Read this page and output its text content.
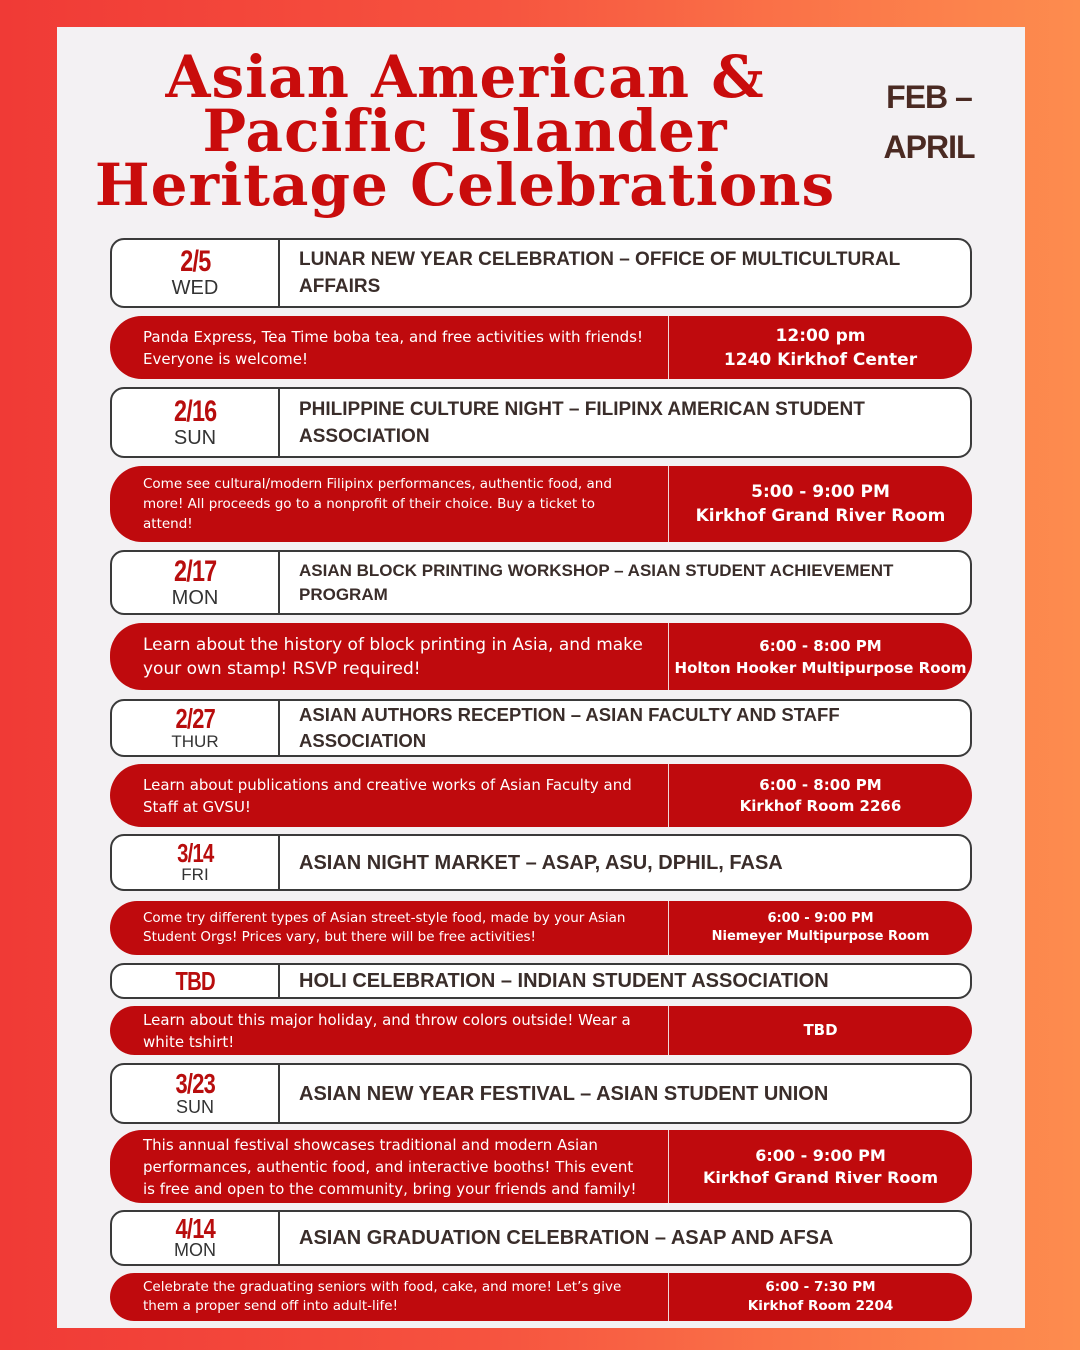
Asian American &
Pacific Islander
Heritage Celebrations
FEB –
APRIL
2/5
WED
LUNAR NEW YEAR CELEBRATION – OFFICE OF MULTICULTURAL AFFAIRS
Panda Express, Tea Time boba tea, and free activities with friends! Everyone is welcome!
12:00 pm
1240 Kirkhof Center
2/16
SUN
PHILIPPINE CULTURE NIGHT – FILIPINX AMERICAN STUDENT ASSOCIATION
Come see cultural/modern Filipinx performances, authentic food, and more! All proceeds go to a nonprofit of their choice. Buy a ticket to attend!
5:00 - 9:00 PM
Kirkhof Grand River Room
2/17
MON
ASIAN BLOCK PRINTING WORKSHOP – ASIAN STUDENT ACHIEVEMENT PROGRAM
Learn about the history of block printing in Asia, and make your own stamp! RSVP required!
6:00 - 8:00 PM
Holton Hooker Multipurpose Room
2/27
THUR
ASIAN AUTHORS RECEPTION – ASIAN FACULTY AND STAFF ASSOCIATION
Learn about publications and creative works of Asian Faculty and Staff at GVSU!
6:00 - 8:00 PM
Kirkhof Room 2266
3/14
FRI
ASIAN NIGHT MARKET – ASAP, ASU, DPHIL, FASA
Come try different types of Asian street-style food, made by your Asian Student Orgs! Prices vary, but there will be free activities!
6:00 - 9:00 PM
Niemeyer Multipurpose Room
TBD	HOLI CELEBRATION – INDIAN STUDENT ASSOCIATION
Learn about this major holiday, and throw colors outside! Wear a white tshirt!
TBD
3/23
SUN
ASIAN NEW YEAR FESTIVAL – ASIAN STUDENT UNION
This annual festival showcases traditional and modern Asian performances, authentic food, and interactive booths! This event is free and open to the community, bring your friends and family!
6:00 - 9:00 PM
Kirkhof Grand River Room
4/14
MON
ASIAN GRADUATION CELEBRATION – ASAP AND AFSA
Celebrate the graduating seniors with food, cake, and more! Let’s give them a proper send off into adult-life!
6:00 - 7:30 PM
Kirkhof Room 2204
